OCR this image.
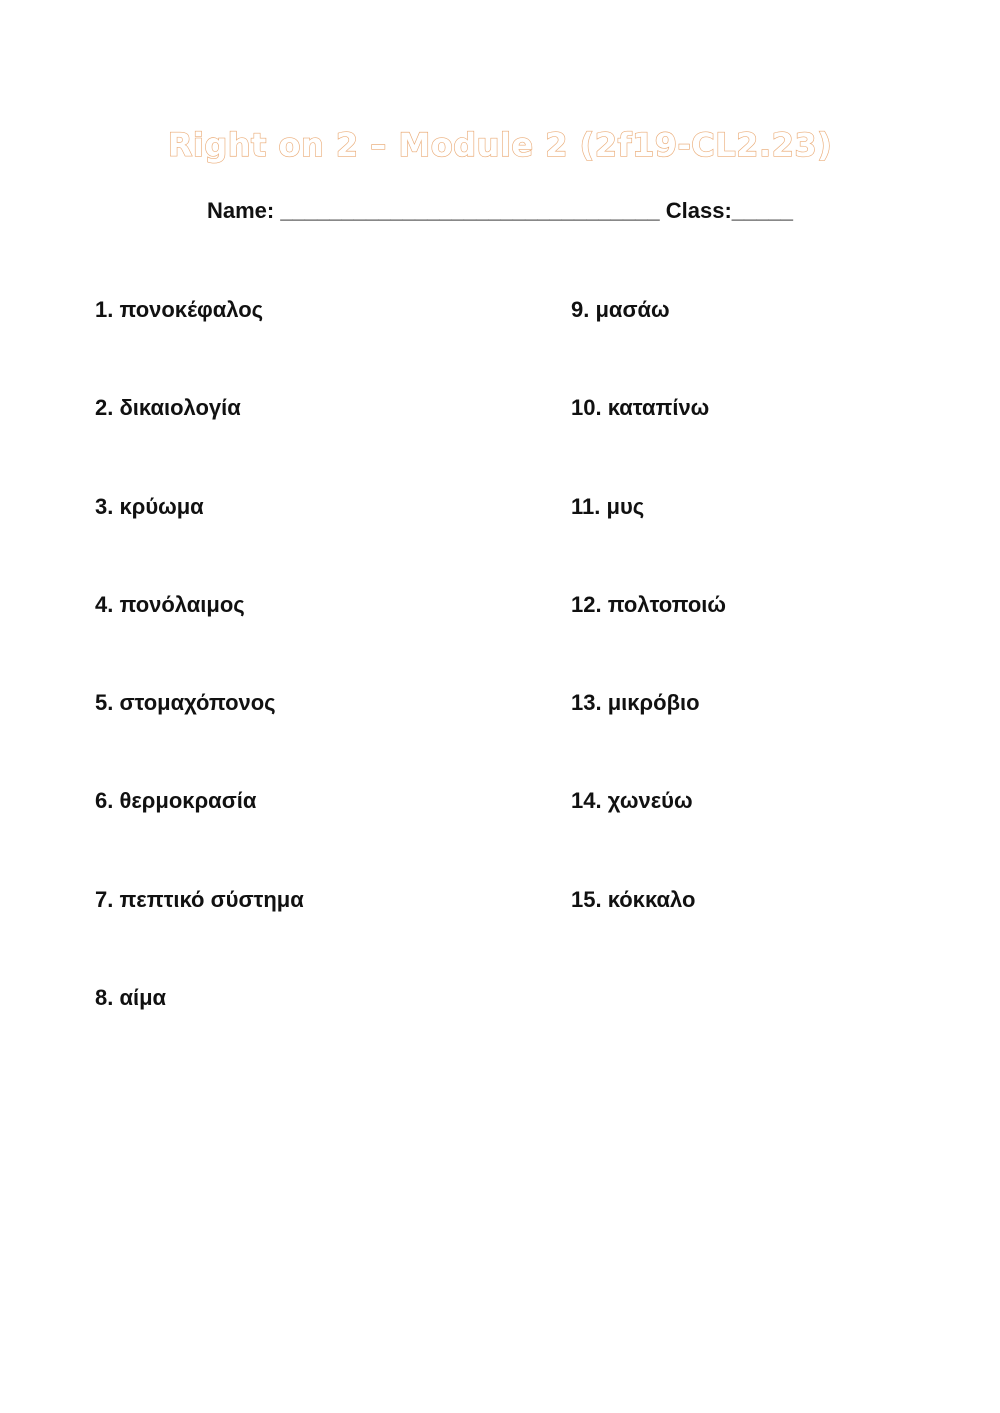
Right on 2 – Module 2 (2f19-CL2.23)
Name: _______________________________ Class:_____
1. πονοκέφαλος
2. δικαιολογία
3. κρύωμα
4. πονόλαιμος
5. στομαχόπονος
6. θερμοκρασία
7. πεπτικό σύστημα
8. αίμα
9. μασάω
10. καταπίνω
11. μυς
12. πολτοποιώ
13. μικρόβιο
14. χωνεύω
15. κόκκαλο
